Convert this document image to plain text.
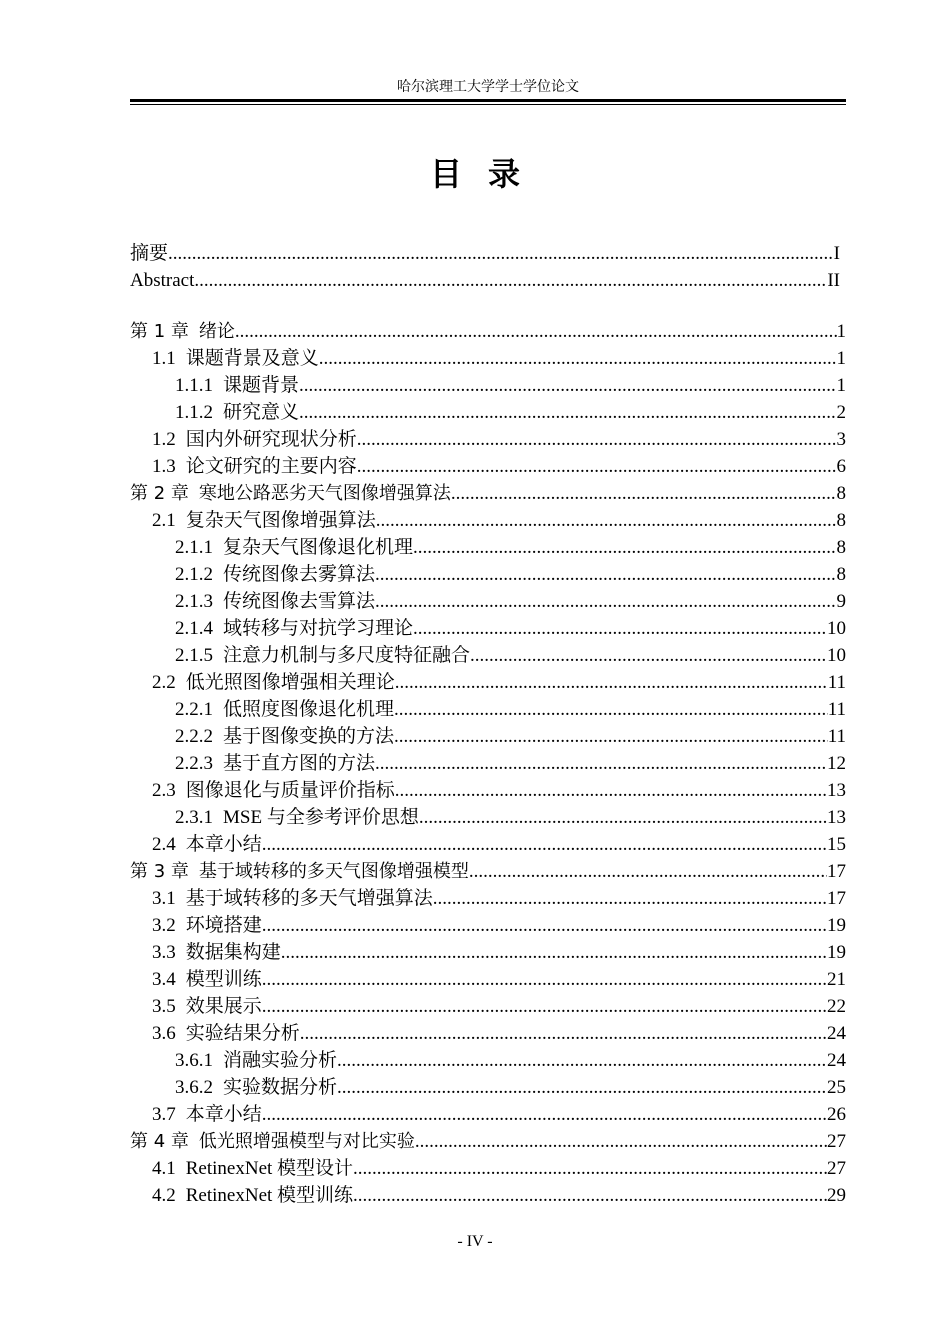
哈尔滨理工大学学士学位论文
目 录
摘要 .....	I
Abstract .....	II
第 1 章 绪论 .....	1
1.1 课题背景及意义 .....	1
1.1.1 课题背景 .....	1
1.1.2 研究意义 .....	2
1.2 国内外研究现状分析 .....	3
1.3 论文研究的主要内容 .....	6
第 2 章 寒地公路恶劣天气图像增强算法 .....	8
2.1 复杂天气图像增强算法 .....	8
2.1.1 复杂天气图像退化机理 .....	8
2.1.2 传统图像去雾算法 .....	8
2.1.3 传统图像去雪算法 .....	9
2.1.4 域转移与对抗学习理论 .....	10
2.1.5 注意力机制与多尺度特征融合 .....	10
2.2 低光照图像增强相关理论 .....	11
2.2.1 低照度图像退化机理 .....	11
2.2.2 基于图像变换的方法 .....	11
2.2.3 基于直方图的方法 .....	12
2.3 图像退化与质量评价指标 .....	13
2.3.1 MSE 与全参考评价思想 .....	13
2.4 本章小结 .....	15
第 3 章 基于域转移的多天气图像增强模型 .....	17
3.1 基于域转移的多天气增强算法 .....	17
3.2 环境搭建 .....	19
3.3 数据集构建 .....	19
3.4 模型训练 .....	21
3.5 效果展示 .....	22
3.6 实验结果分析 .....	24
3.6.1 消融实验分析 .....	24
3.6.2 实验数据分析 .....	25
3.7 本章小结 .....	26
第 4 章 低光照增强模型与对比实验 .....	27
4.1 RetinexNet 模型设计 .....	27
4.2 RetinexNet 模型训练 .....	29
- IV -
